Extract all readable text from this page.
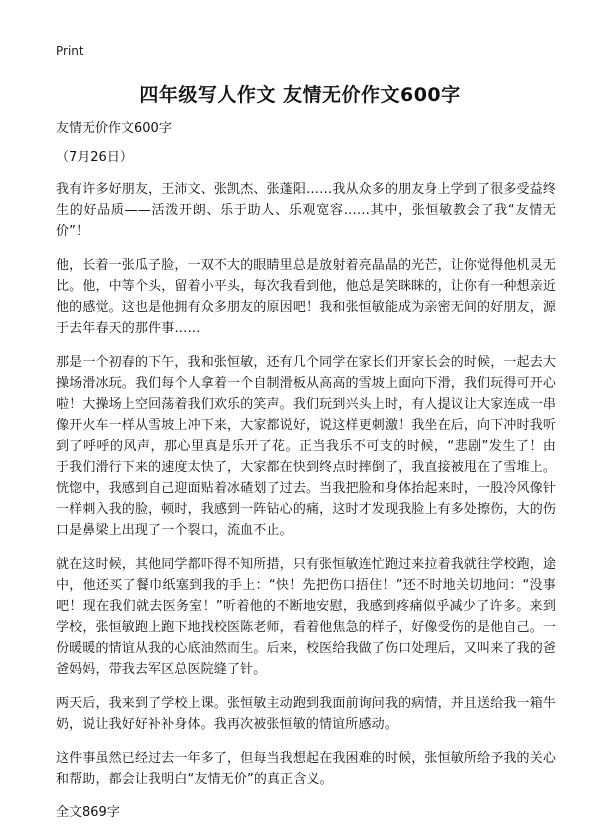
Print
四年级写人作文 友情无价作文600字

友情无价作文600字

（7月26日）

我有许多好朋友，王沛文、张凯杰、张蓬阳……我从众多的朋友身上学到了很多受益终生的好品质——活泼开朗、乐于助人、乐观宽容……其中，张恒敏教会了我“友情无价”！

他，长着一张瓜子脸，一双不大的眼睛里总是放射着亮晶晶的光芒，让你觉得他机灵无比。他，中等个头，留着小平头，每次我看到他，他总是笑眯眯的，让你有一种想亲近他的感觉。这也是他拥有众多朋友的原因吧！我和张恒敏能成为亲密无间的好朋友，源于去年春天的那件事……

那是一个初春的下午，我和张恒敏，还有几个同学在家长们开家长会的时候，一起去大操场滑冰玩。我们每个人拿着一个自制滑板从高高的雪坡上面向下滑，我们玩得可开心啦！大操场上空回荡着我们欢乐的笑声。我们玩到兴头上时，有人提议让大家连成一串像开火车一样从雪坡上冲下来，大家都说好，说这样更刺激！我坐在后，向下冲时我听到了呼呼的风声，那心里真是乐开了花。正当我乐不可支的时候，“悲剧”发生了！由于我们滑行下来的速度太快了，大家都在快到终点时摔倒了，我直接被甩在了雪堆上。恍惚中，我感到自己迎面贴着冰碴划了过去。当我把脸和身体抬起来时，一股冷风像针一样刺入我的脸，顿时，我感到一阵钻心的痛，这时才发现我脸上有多处擦伤，大的伤口是鼻梁上出现了一个裂口，流血不止。

就在这时候，其他同学都吓得不知所措，只有张恒敏连忙跑过来拉着我就往学校跑，途中，他还买了餐巾纸塞到我的手上：“快！先把伤口捂住！”还不时地关切地问：“没事吧！现在我们就去医务室！”听着他的不断地安慰，我感到疼痛似乎减少了许多。来到学校，张恒敏跑上跑下地找校医陈老师，看着他焦急的样子，好像受伤的是他自己。一份暖暖的情谊从我的心底油然而生。后来，校医给我做了伤口处理后，又叫来了我的爸爸妈妈，带我去军区总医院缝了针。

两天后，我来到了学校上课。张恒敏主动跑到我面前询问我的病情，并且送给我一箱牛奶，说让我好好补补身体。我再次被张恒敏的情谊所感动。

这件事虽然已经过去一年多了，但每当我想起在我困难的时候，张恒敏所给予我的关心和帮助，都会让我明白“友情无价”的真正含义。

全文869字
